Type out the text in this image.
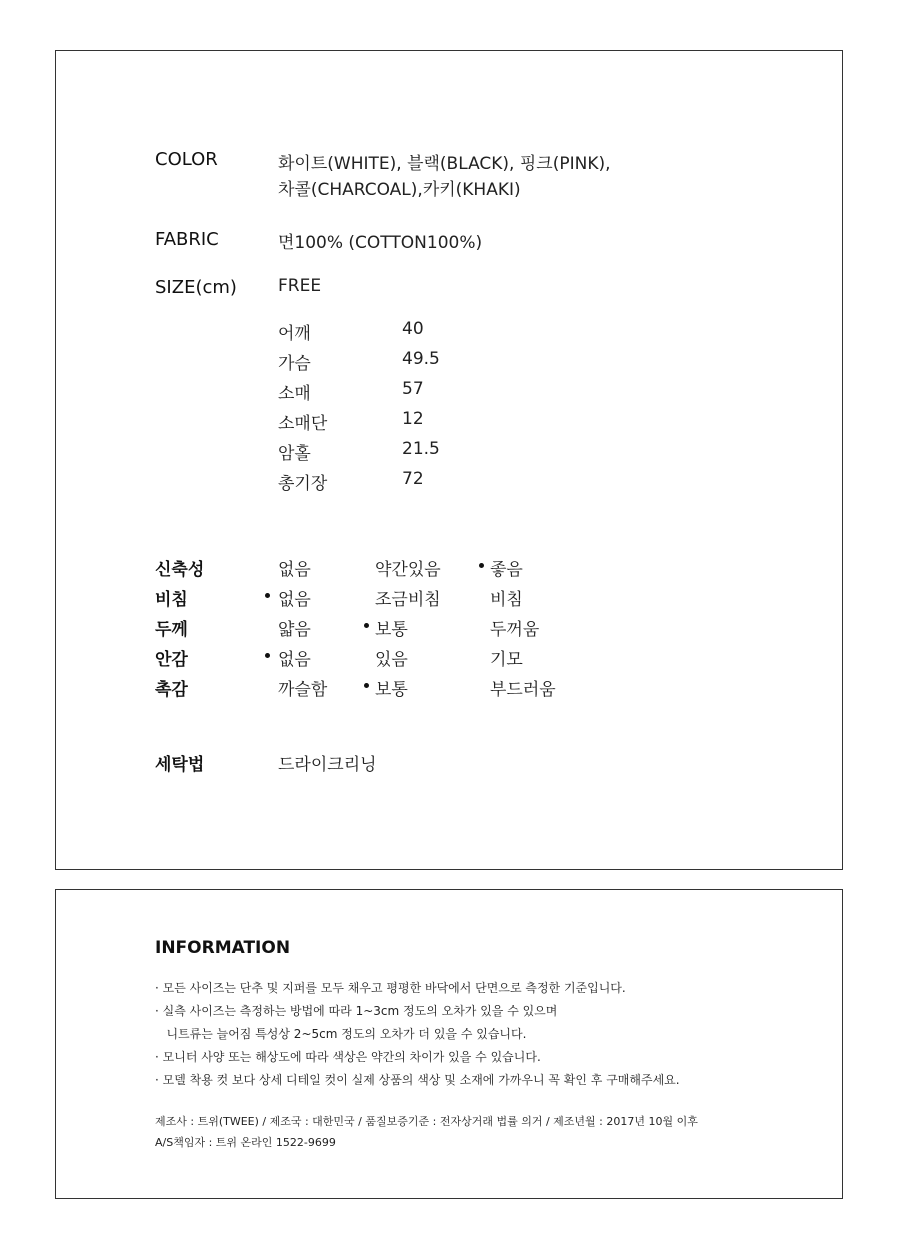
COLOR	화이트(WHITE), 블랙(BLACK), 핑크(PINK),
차콜(CHARCOAL),카키(KHAKI)
FABRIC	면100% (COTTON100%)
SIZE(cm) FREE
어깨	40
가슴	49.5
소매	57
소매단	12
암홀	21.5
총기장	72
신축성	없음	약간있음	좋음
비침	없음	조금비침	비침
두께	얇음	보통	두꺼움
안감	없음	있음	기모
촉감	까슬함	보통	부드러움
세탁법	드라이크리닝
INFORMATION
· 모든 사이즈는 단추 및 지퍼를 모두 채우고 평평한 바닥에서 단면으로 측정한 기준입니다.
· 실측 사이즈는 측정하는 방법에 따라 1~3cm 정도의 오차가 있을 수 있으며
니트류는 늘어짐 특성상 2~5cm 정도의 오차가 더 있을 수 있습니다.
· 모니터 사양 또는 해상도에 따라 색상은 약간의 차이가 있을 수 있습니다.
· 모델 착용 컷 보다 상세 디테일 컷이 실제 상품의 색상 및 소재에 가까우니 꼭 확인 후 구매해주세요.
제조사 : 트위(TWEE) / 제조국 : 대한민국 / 품질보증기준 : 전자상거래 법률 의거 / 제조년월 : 2017년 10월 이후
A/S책임자 : 트위 온라인 1522-9699
